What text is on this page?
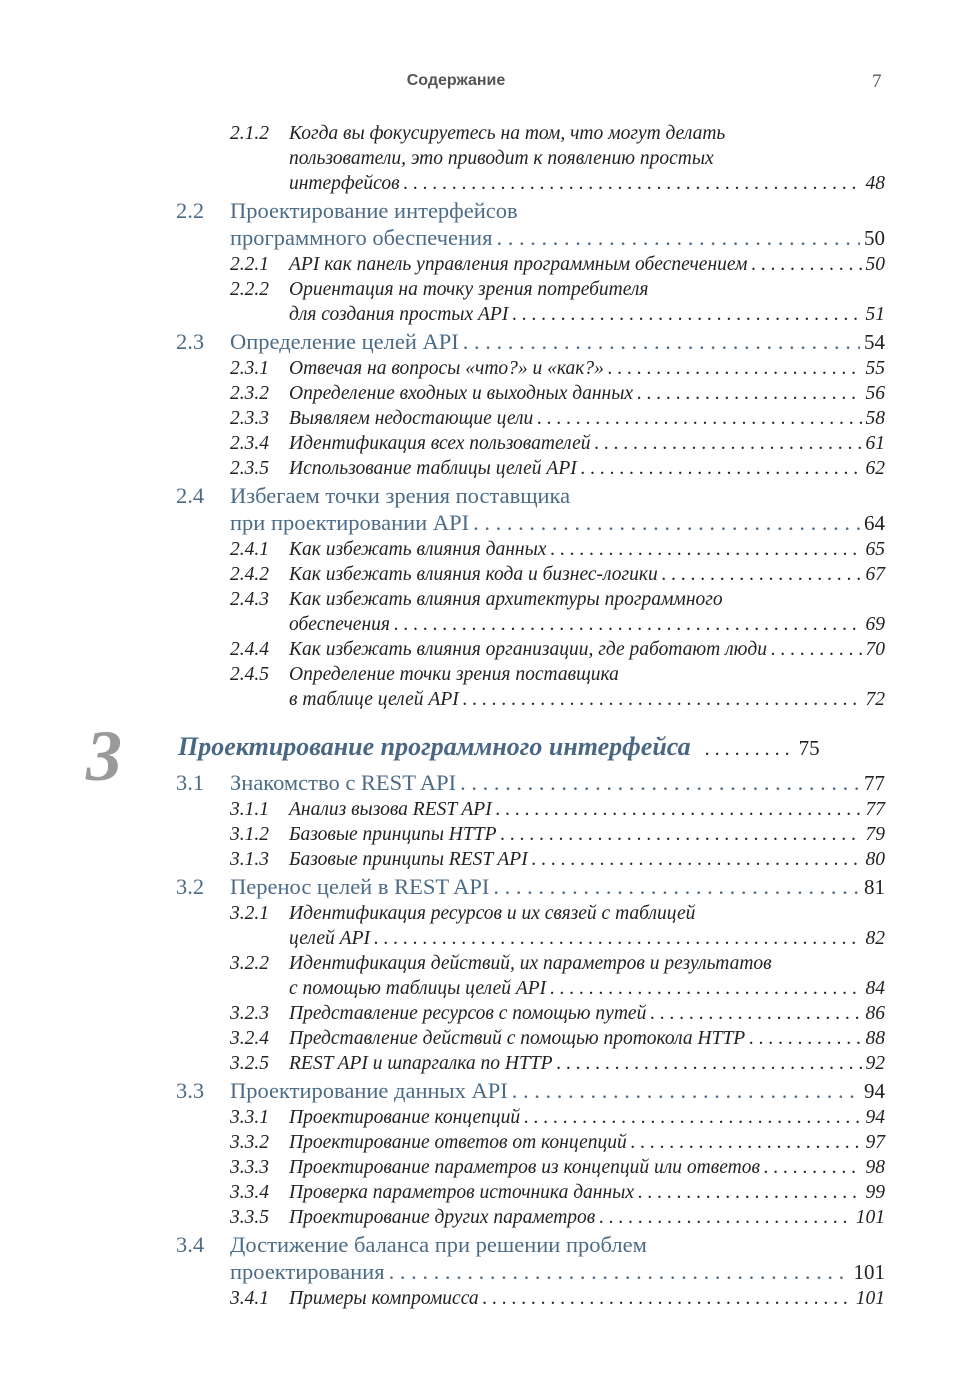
Содержание	7
2.1.2 Когда вы фокусируетесь на том, что могут делать
пользователи, это приводит к появлению простых
интерфейсов . . .	48
2.2 Проектирование интерфейсов
программного обеспечения . . .	50
2.2.1 API как панель управления программным обеспечением . . .	50
2.2.2 Ориентация на точку зрения потребителя
для создания простых API . . .	51
2.3 Определение целей API . . .	54
2.3.1 Отвечая на вопросы «что?» и «как?» . . .	55
2.3.2 Определение входных и выходных данных . . .	56
2.3.3 Выявляем недостающие цели . . .	58
2.3.4 Идентификация всех пользователей . . .	61
2.3.5 Использование таблицы целей API . . .	62
2.4 Избегаем точки зрения поставщика
при проектировании API . . .	64
2.4.1 Как избежать влияния данных . . .	65
2.4.2 Как избежать влияния кода и бизнес-логики . . .	67
2.4.3 Как избежать влияния архитектуры программного
обеспечения . . .	69
2.4.4 Как избежать влияния организации, где работают люди . . .	70
2.4.5 Определение точки зрения поставщика
в таблице целей API . . .	72
3 Проектирование программного интерфейса . . .	75
3.1 Знакомство с REST API . . .	77
3.1.1 Анализ вызова REST API . . .	77
3.1.2 Базовые принципы HTTP . . .	79
3.1.3 Базовые принципы REST API . . .	80
3.2 Перенос целей в REST API . . .	81
3.2.1 Идентификация ресурсов и их связей с таблицей
целей API . . .	82
3.2.2 Идентификация действий, их параметров и результатов
с помощью таблицы целей API . . .	84
3.2.3 Представление ресурсов с помощью путей . . .	86
3.2.4 Представление действий с помощью протокола HTTP . . .	88
3.2.5 REST API и шпаргалка по HTTP . . .	92
3.3 Проектирование данных API . . .	94
3.3.1 Проектирование концепций . . .	94
3.3.2 Проектирование ответов от концепций . . .	97
3.3.3 Проектирование параметров из концепций или ответов . . .	98
3.3.4 Проверка параметров источника данных . . .	99
3.3.5 Проектирование других параметров . . .	101
3.4 Достижение баланса при решении проблем
проектирования . . .	101
3.4.1 Примеры компромисса . . .	101
